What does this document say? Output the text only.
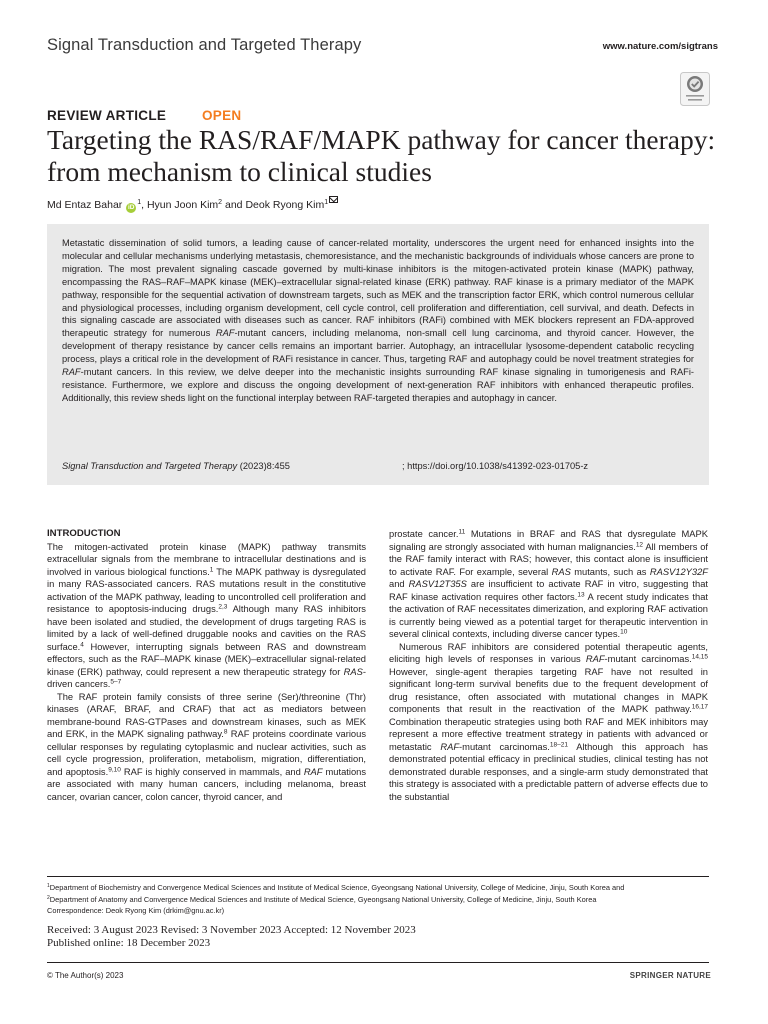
Signal Transduction and Targeted Therapy	www.nature.com/sigtrans
REVIEW ARTICLE	OPEN
Targeting the RAS/RAF/MAPK pathway for cancer therapy: from mechanism to clinical studies
Md Entaz Bahar $iD^1$, Hyun Joon Kim$^2$ and Deok Ryong Kim$^1$
Metastatic dissemination of solid tumors, a leading cause of cancer-related mortality, underscores the urgent need for enhanced insights into the molecular and cellular mechanisms underlying metastasis, chemoresistance, and the mechanistic backgrounds of individuals whose cancers are prone to migration. The most prevalent signaling cascade governed by multi-kinase inhibitors is the mitogen-activated protein kinase (MAPK) pathway, encompassing the RAS–RAF–MAPK kinase (MEK)–extracellular signal-related kinase (ERK) pathway. RAF kinase is a primary mediator of the MAPK pathway, responsible for the sequential activation of downstream targets, such as MEK and the transcription factor ERK, which control numerous cellular and physiological processes, including organism development, cell cycle control, cell proliferation and differentiation, cell survival, and death. Defects in this signaling cascade are associated with diseases such as cancer. RAF inhibitors (RAFi) combined with MEK blockers represent an FDA-approved therapeutic strategy for numerous RAF-mutant cancers, including melanoma, non-small cell lung carcinoma, and thyroid cancer. However, the development of therapy resistance by cancer cells remains an important barrier. Autophagy, an intracellular lysosome-dependent catabolic recycling process, plays a critical role in the development of RAFi resistance in cancer. Thus, targeting RAF and autophagy could be novel treatment strategies for RAF-mutant cancers. In this review, we delve deeper into the mechanistic insights surrounding RAF kinase signaling in tumorigenesis and RAFi-resistance. Furthermore, we explore and discuss the ongoing development of next-generation RAF inhibitors with enhanced therapeutic profiles. Additionally, this review sheds light on the functional interplay between RAF-targeted therapies and autophagy in cancer.
Signal Transduction and Targeted Therapy (2023)8:455	; https://doi.org/10.1038/s41392-023-01705-z
INTRODUCTION

The mitogen-activated protein kinase (MAPK) pathway transmits extracellular signals from the membrane to intracellular destinations and is involved in various biological functions.$^1$ The MAPK pathway is dysregulated in many RAS-associated cancers. RAS mutations result in the constitutive activation of the MAPK pathway, leading to uncontrolled cell proliferation and resistance to apoptosis-inducing drugs.$^{2,3}$ Although many RAS inhibitors have been isolated and studied, the development of drugs targeting RAS is limited by a lack of well-defined druggable nooks and cavities on the RAS surface.$^4$ However, interrupting signals between RAS and downstream effectors, such as the RAF–MAPK kinase (MEK)–extracellular signal-related kinase (ERK) pathway, could represent a new therapeutic strategy for RAS-driven cancers.$^{5-7}$

The RAF protein family consists of three serine (Ser)/threonine (Thr) kinases (ARAF, BRAF, and CRAF) that act as mediators between membrane-bound RAS-GTPases and downstream kinases, such as MEK and ERK, in the MAPK signaling pathway.$^8$ RAF proteins coordinate various cellular responses by regulating cytoplasmic and nuclear activities, such as cell cycle progression, proliferation, metabolism, migration, differentiation, and apoptosis.$^{9,10}$ RAF is highly conserved in mammals, and RAF mutations are associated with many human cancers, including melanoma, breast cancer, ovarian cancer, colon cancer, thyroid cancer, and

prostate cancer.$^{11}$ Mutations in BRAF and RAS that dysregulate MAPK signaling are strongly associated with human malignancies.$^{12}$ All members of the RAF family interact with RAS; however, this contact alone is insufficient to activate RAF. For example, several RAS mutants, such as RASV12Y32F and RASV12T35S are insufficient to activate RAF in vitro, suggesting that RAF kinase activation requires other factors.$^{13}$ A recent study indicates that the activation of RAF necessitates dimerization, and exploring RAF activation is currently being viewed as a potential target for therapeutic intervention in several clinical contexts, including diverse cancer types.$^{10}$

Numerous RAF inhibitors are considered potential therapeutic agents, eliciting high levels of responses in various RAF-mutant carcinomas.$^{14,15}$ However, single-agent therapies targeting RAF have not resulted in significant long-term survival benefits due to the frequent development of drug resistance, often associated with mutational changes in MAPK components that result in the reactivation of the MAPK pathway.$^{16,17}$ Combination therapeutic strategies using both RAF and MEK inhibitors may represent a more effective treatment strategy in patients with advanced or metastatic RAF-mutant carcinomas.$^{18-21}$ Although this approach has demonstrated potential efficacy in preclinical studies, clinical testing has not demonstrated durable responses, and a single-arm study demonstrated that this strategy is associated with a predictable pattern of adverse effects due to the substantial

$^1$Department of Biochemistry and Convergence Medical Sciences and Institute of Medical Science, Gyeongsang National University, College of Medicine, Jinju, South Korea and
$^2$Department of Anatomy and Convergence Medical Sciences and Institute of Medical Science, Gyeongsang National University, College of Medicine, Jinju, South Korea
Correspondence: Deok Ryong Kim (drkim@gnu.ac.kr)
Received: 3 August 2023 Revised: 3 November 2023 Accepted: 12 November 2023
Published online: 18 December 2023
© The Author(s) 2023	SPRINGER NATURE
